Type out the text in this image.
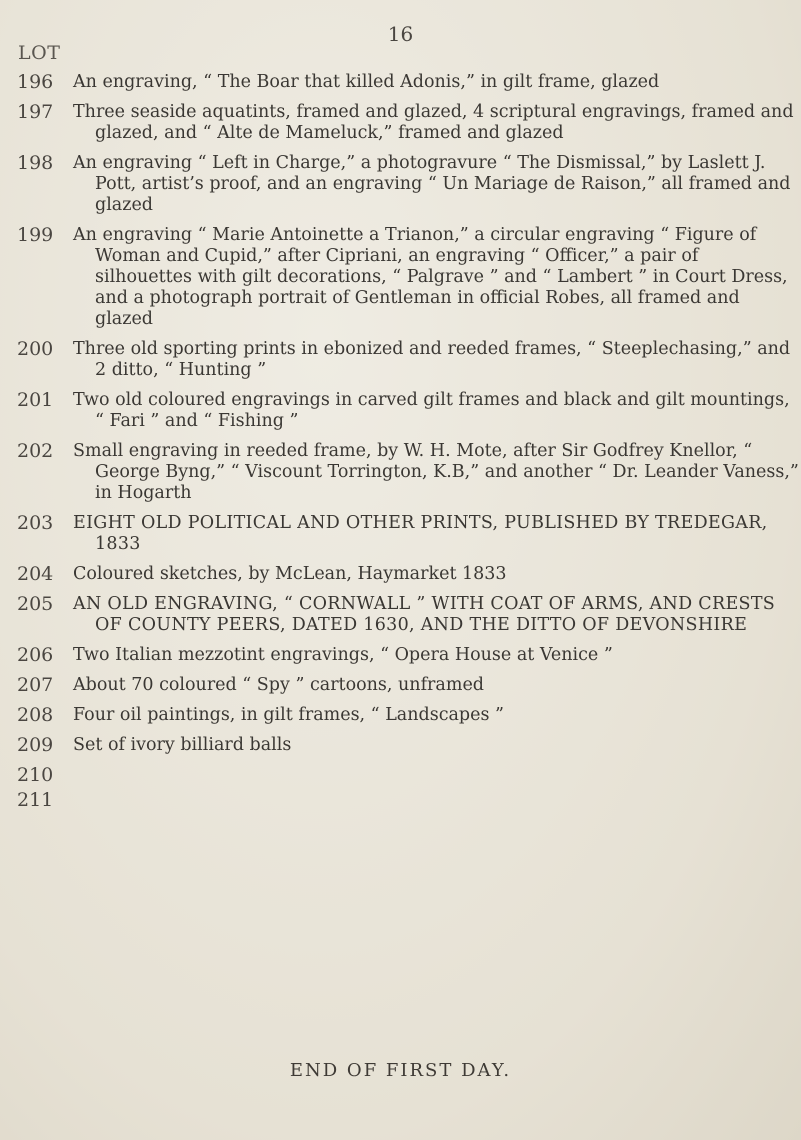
16
LOT
196 An engraving, “ The Boar that killed Adonis,” in gilt frame, glazed
197 Three seaside aquatints, framed and glazed, 4 scriptural engravings, framed and glazed, and “ Alte de Mameluck,” framed and glazed
198 An engraving “ Left in Charge,” a photogravure “ The Dismissal,” by Laslett J. Pott, artist’s proof, and an engraving “ Un Mariage de Raison,” all framed and glazed
199 An engraving “ Marie Antoinette a Trianon,” a circular engraving “ Figure of Woman and Cupid,” after Cipriani, an engraving “ Officer,” a pair of silhouettes with gilt decorations, “ Palgrave ” and “ Lambert ” in Court Dress, and a photograph portrait of Gentleman in official Robes, all framed and glazed
200 Three old sporting prints in ebonized and reeded frames, “ Steeplechasing,” and 2 ditto, “ Hunting ”
201 Two old coloured engravings in carved gilt frames and black and gilt mountings, “ Fari ” and “ Fishing ”
202 Small engraving in reeded frame, by W. H. Mote, after Sir Godfrey Knellor, “ George Byng,” “ Viscount Torrington, K.B,” and another “ Dr. Leander Vaness,” in Hogarth
203 EIGHT OLD POLITICAL AND OTHER PRINTS, PUBLISHED BY TREDEGAR, 1833
204 Coloured sketches, by McLean, Haymarket 1833
205 AN OLD ENGRAVING, “ CORNWALL ” WITH COAT OF ARMS, AND CRESTS OF COUNTY PEERS, DATED 1630, AND THE DITTO OF DEVONSHIRE
206 Two Italian mezzotint engravings, “ Opera House at Venice ”
207 About 70 coloured “ Spy ” cartoons, unframed
208 Four oil paintings, in gilt frames, “ Landscapes ”
209 Set of ivory billiard balls
210
211
END OF FIRST DAY.
